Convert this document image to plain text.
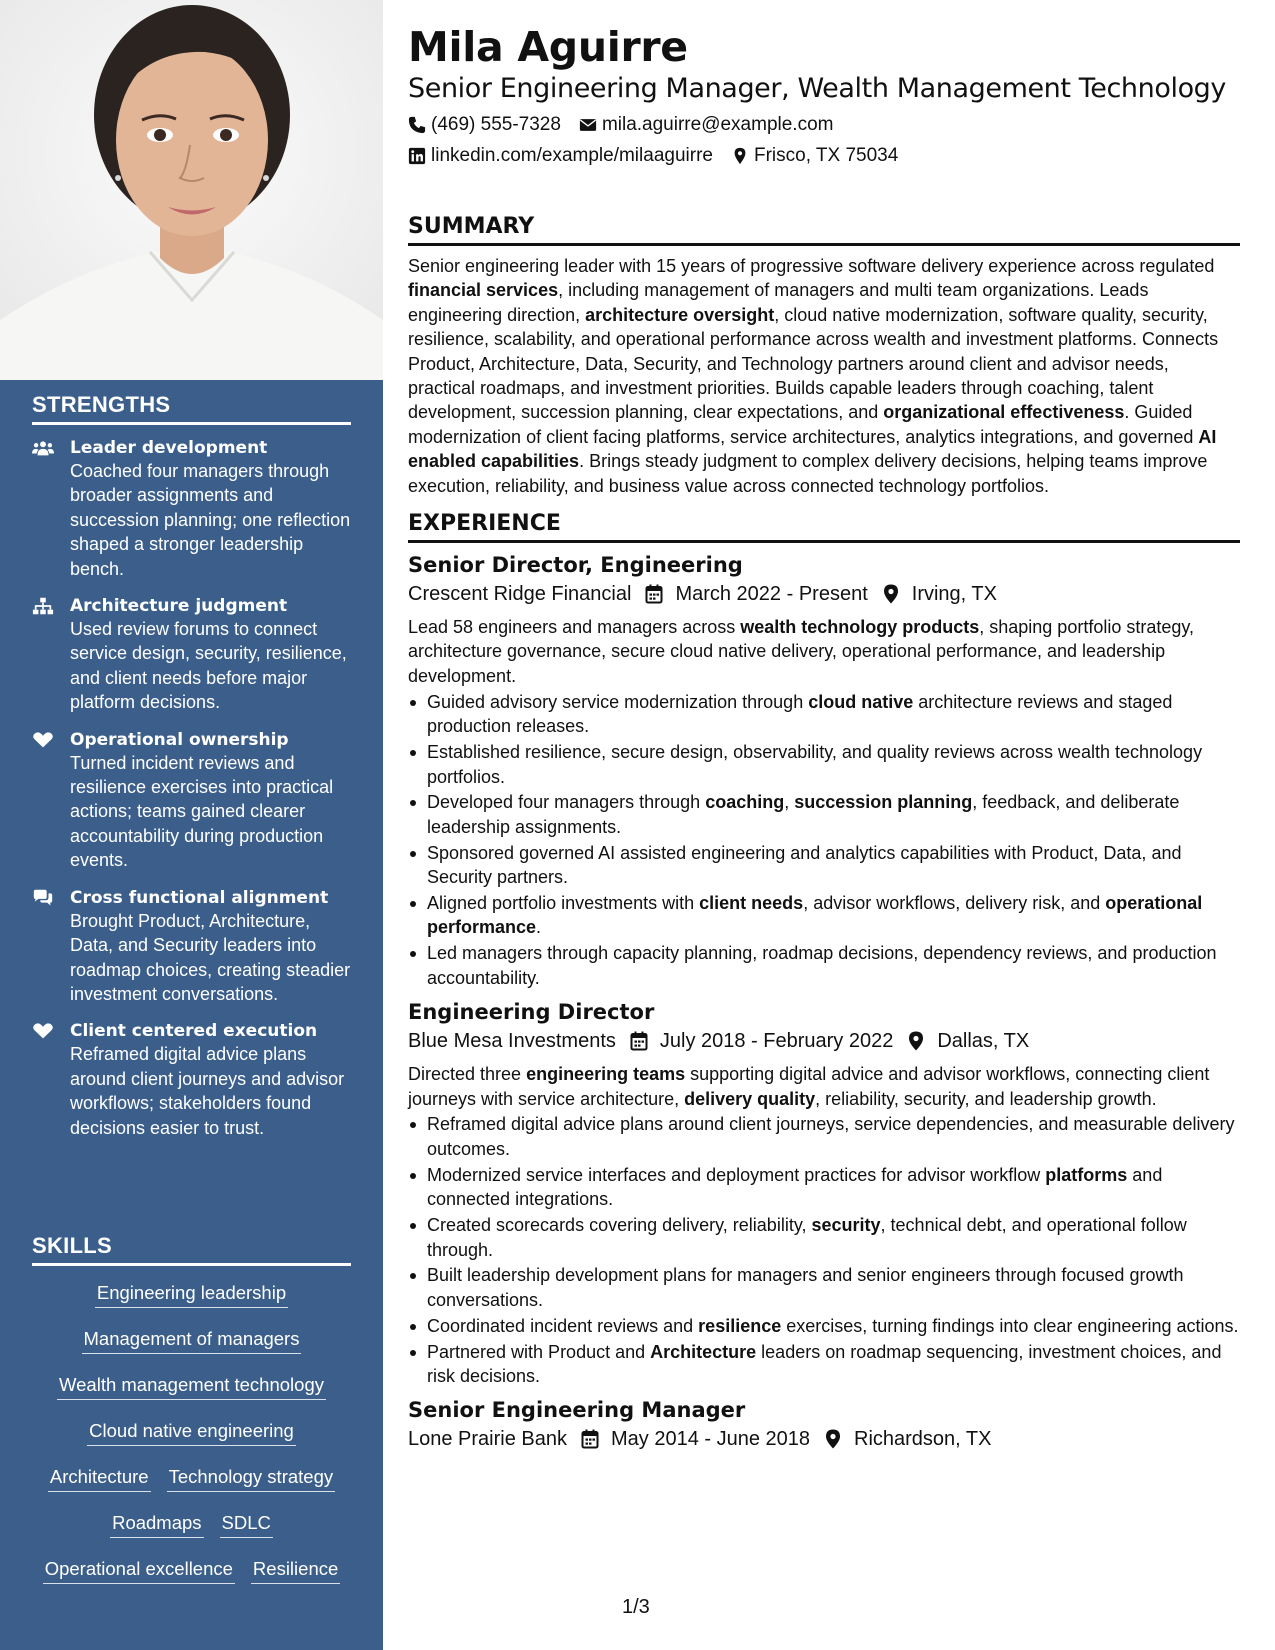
STRENGTHS
Leader development
Coached four managers through broader assignments and succession planning; one reflection shaped a stronger leadership bench.
Architecture judgment
Used review forums to connect service design, security, resilience, and client needs before major platform decisions.
Operational ownership
Turned incident reviews and resilience exercises into practical actions; teams gained clearer accountability during production events.
Cross functional alignment
Brought Product, Architecture, Data, and Security leaders into roadmap choices, creating steadier investment conversations.
Client centered execution
Reframed digital advice plans around client journeys and advisor workflows; stakeholders found decisions easier to trust.
SKILLS
Engineering leadership
Management of managers
Wealth management technology
Cloud native engineering
Architecture Technology strategy
Roadmaps SDLC
Operational excellence Resilience
Mila Aguirre
Senior Engineering Manager, Wealth Management Technology
(469) 555-7328 mila.aguirre@example.com
linkedin.com/example/milaaguirre Frisco, TX 75034
SUMMARY
Senior engineering leader with 15 years of progressive software delivery experience across regulated financial services, including management of managers and multi team organizations. Leads engineering direction, architecture oversight, cloud native modernization, software quality, security, resilience, scalability, and operational performance across wealth and investment platforms. Connects Product, Architecture, Data, Security, and Technology partners around client and advisor needs, practical roadmaps, and investment priorities. Builds capable leaders through coaching, talent development, succession planning, clear expectations, and organizational effectiveness. Guided modernization of client facing platforms, service architectures, analytics integrations, and governed AI enabled capabilities. Brings steady judgment to complex delivery decisions, helping teams improve execution, reliability, and business value across connected technology portfolios.
EXPERIENCE
Senior Director, Engineering
Crescent Ridge Financial March 2022 - Present Irving, TX
Lead 58 engineers and managers across wealth technology products, shaping portfolio strategy, architecture governance, secure cloud native delivery, operational performance, and leadership development.
Guided advisory service modernization through cloud native architecture reviews and staged production releases.
Established resilience, secure design, observability, and quality reviews across wealth technology portfolios.
Developed four managers through coaching, succession planning, feedback, and deliberate leadership assignments.
Sponsored governed AI assisted engineering and analytics capabilities with Product, Data, and Security partners.
Aligned portfolio investments with client needs, advisor workflows, delivery risk, and operational performance.
Led managers through capacity planning, roadmap decisions, dependency reviews, and production accountability.
Engineering Director
Blue Mesa Investments July 2018 - February 2022 Dallas, TX
Directed three engineering teams supporting digital advice and advisor workflows, connecting client journeys with service architecture, delivery quality, reliability, security, and leadership growth.
Reframed digital advice plans around client journeys, service dependencies, and measurable delivery outcomes.
Modernized service interfaces and deployment practices for advisor workflow platforms and connected integrations.
Created scorecards covering delivery, reliability, security, technical debt, and operational follow through.
Built leadership development plans for managers and senior engineers through focused growth conversations.
Coordinated incident reviews and resilience exercises, turning findings into clear engineering actions.
Partnered with Product and Architecture leaders on roadmap sequencing, investment choices, and risk decisions.
Senior Engineering Manager
Lone Prairie Bank May 2014 - June 2018 Richardson, TX
1/3
